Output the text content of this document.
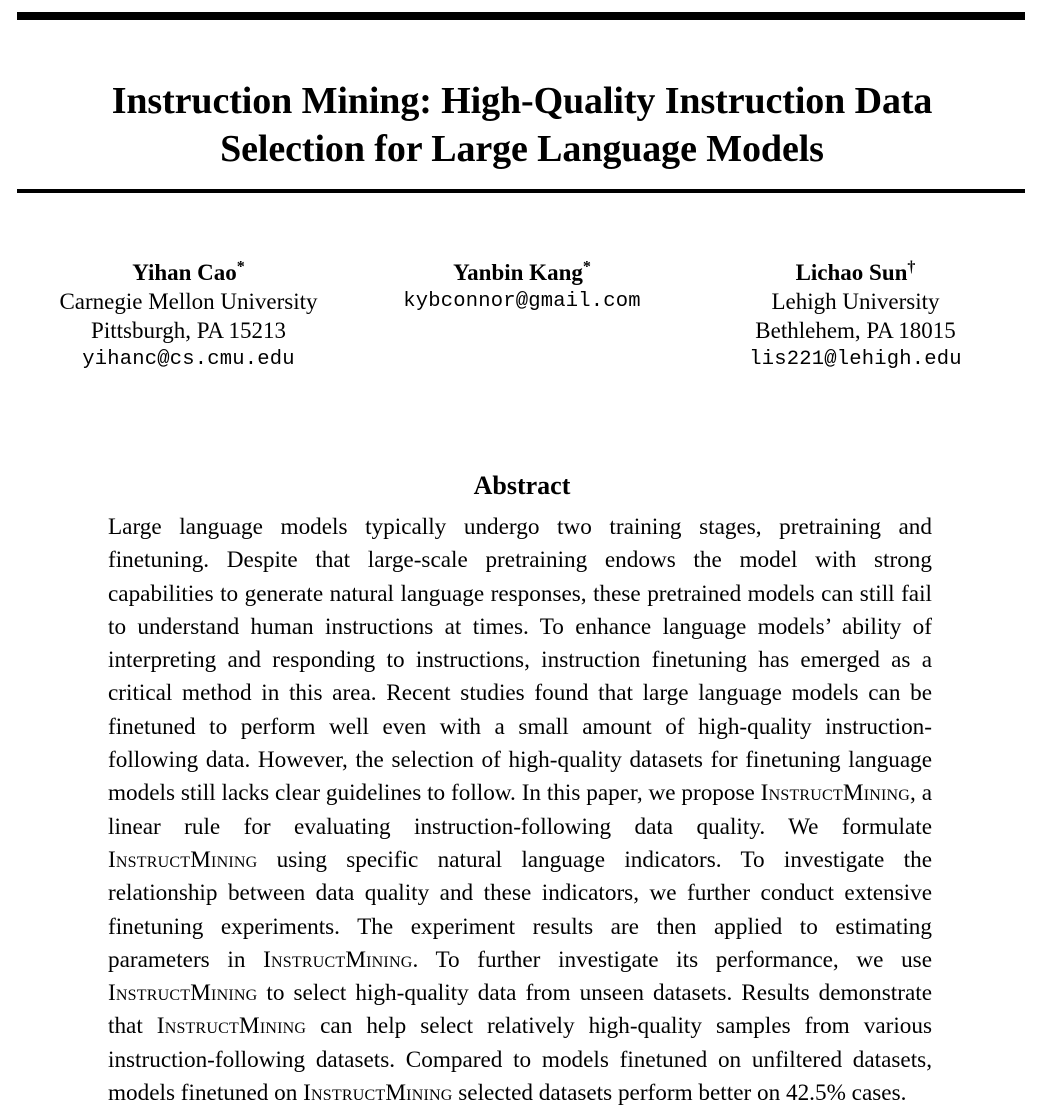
Instruction Mining: High-Quality Instruction Data
Selection for Large Language Models
Yihan Cao*
Carnegie Mellon University
Pittsburgh, PA 15213
yihanc@cs.cmu.edu
Yanbin Kang*
kybconnor@gmail.com
Lichao Sun†
Lehigh University
Bethlehem, PA 18015
lis221@lehigh.edu
Abstract

Large language models typically undergo two training stages, pretraining and finetuning. Despite that large-scale pretraining endows the model with strong capabilities to generate natural language responses, these pretrained models can still fail to understand human instructions at times. To enhance language models’ ability of interpreting and responding to instructions, instruction finetuning has emerged as a critical method in this area. Recent studies found that large language models can be finetuned to perform well even with a small amount of high-quality instruction-following data. However, the selection of high-quality datasets for finetuning language models still lacks clear guidelines to follow. In this paper, we propose InstructMining, a linear rule for evaluating instruction-following data quality. We formulate InstructMining using specific natural language indicators. To investigate the relationship between data quality and these indicators, we further conduct extensive finetuning experiments. The experiment results are then applied to estimating parameters in InstructMining. To further investigate its performance, we use InstructMining to select high-quality data from unseen datasets. Results demonstrate that InstructMining can help select relatively high-quality samples from various instruction-following datasets. Compared to models finetuned on unfiltered datasets, models finetuned on InstructMining selected datasets perform better on 42.5% cases.
